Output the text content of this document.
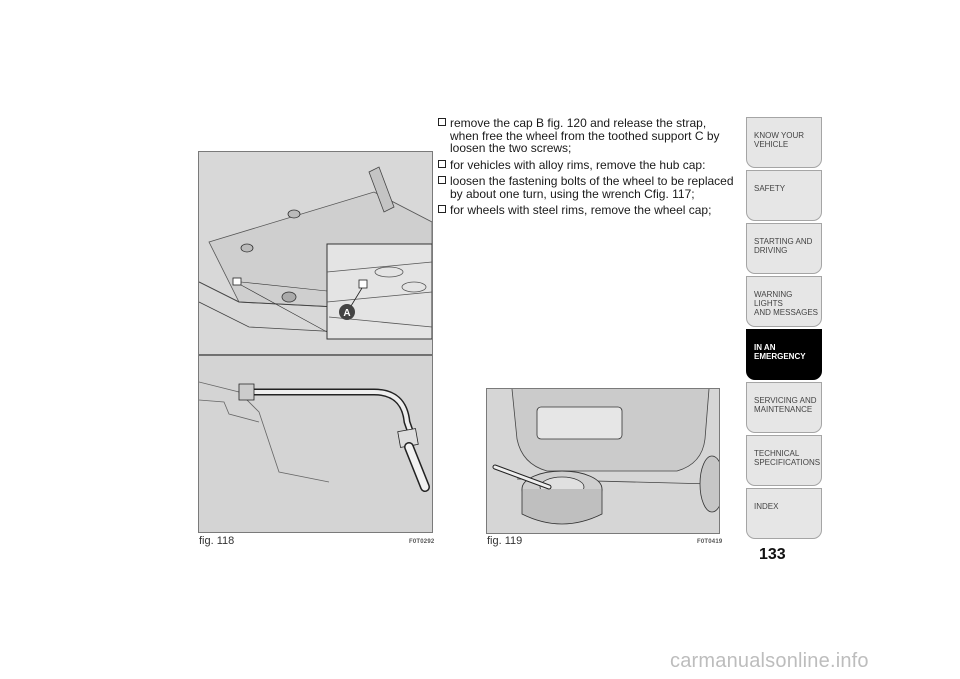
A
fig. 118	F0T0292	fig. 119	F0T0419
remove the cap B fig. 120 and release the strap, when free the wheel from the toothed support C by loosen the two screws;
for vehicles with alloy rims, remove the hub cap:
loosen the fastening bolts of the wheel to be replaced by about one turn, using the wrench Cfig. 117;
for wheels with steel rims, remove the wheel cap;
KNOW YOUR
VEHICLE
SAFETY
STARTING AND
DRIVING
WARNING LIGHTS
AND MESSAGES
IN AN
EMERGENCY
SERVICING AND
MAINTENANCE
TECHNICAL
SPECIFICATIONS
INDEX
133
carmanualsonline.info
